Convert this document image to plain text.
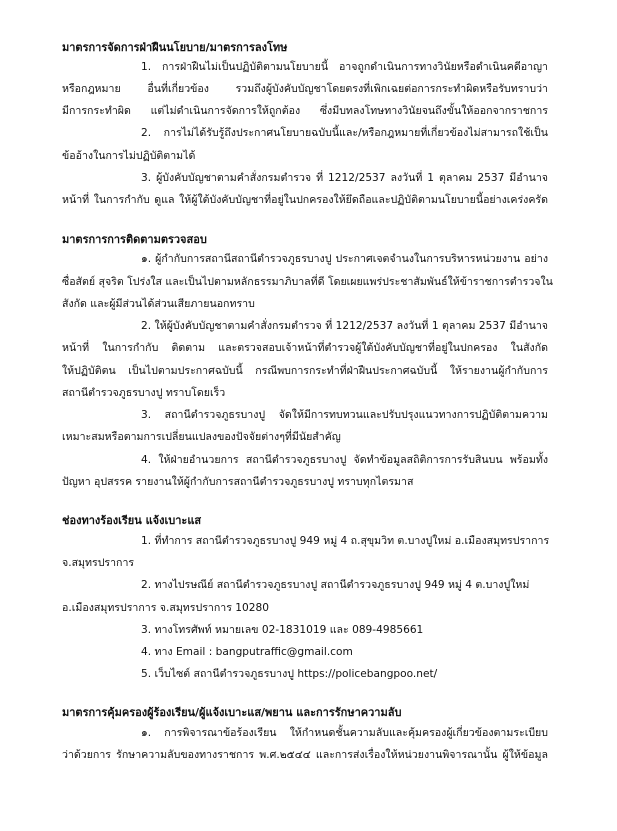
มาตรการจัดการฝ่าฝืนนโยบาย/มาตรการลงโทษ
1. การฝ่าฝืนไม่เป็นปฏิบัติตามนโยบายนี้ อาจถูกดำเนินการทางวินัยหรือดำเนินคดีอาญา
หรือกฎหมาย อื่นที่เกี่ยวข้อง รวมถึงผู้บังคับบัญชาโดยตรงที่เพิกเฉยต่อการกระทำผิดหรือรับทราบว่า
มีการกระทำผิด แต่ไม่ดำเนินการจัดการให้ถูกต้อง ซึ่งมีบทลงโทษทางวินัยจนถึงขั้นให้ออกจากราชการ
2. การไม่ได้รับรู้ถึงประกาศนโยบายฉบับนี้และ/หรือกฎหมายที่เกี่ยวข้องไม่สามารถใช้เป็น
ข้ออ้างในการไม่ปฏิบัติตามได้
3. ผู้บังคับบัญชาตามคำสั่งกรมตำรวจ ที่ 1212/2537 ลงวันที่ 1 ตุลาคม 2537 มีอำนาจ
หน้าที่ ในการกำกับ ดูแล ให้ผู้ใต้บังคับบัญชาที่อยู่ในปกครองให้ยึดถือและปฏิบัติตามนโยบายนี้อย่างเคร่งครัด
มาตรการการติดตามตรวจสอบ
๑. ผู้กำกับการสถานีสถานีตำรวจภูธรบางปู ประกาศเจตจำนงในการบริหารหน่วยงาน อย่าง
ซื่อสัตย์ สุจริต โปร่งใส และเป็นไปตามหลักธรรมาภิบาลที่ดี โดยเผยแพร่ประชาสัมพันธ์ให้ข้าราชการตำรวจใน
สังกัด และผู้มีส่วนได้ส่วนเสียภายนอกทราบ
2. ให้ผู้บังคับบัญชาตามคำสั่งกรมตำรวจ ที่ 1212/2537 ลงวันที่ 1 ตุลาคม 2537 มีอำนาจ
หน้าที่ ในการกำกับ ติดตาม และตรวจสอบเจ้าหน้าที่ตำรวจผู้ใต้บังคับบัญชาที่อยู่ในปกครอง ในสังกัด
ให้ปฏิบัติตน เป็นไปตามประกาศฉบับนี้ กรณีพบการกระทำที่ฝ่าฝืนประกาศฉบับนี้ ให้รายงานผู้กำกับการ
สถานีตำรวจภูธรบางปู ทราบโดยเร็ว
3. สถานีตำรวจภูธรบางปู จัดให้มีการทบทวนและปรับปรุงแนวทางการปฏิบัติตามความ
เหมาะสมหรือตามการเปลี่ยนแปลงของปัจจัยต่างๆที่มีนัยสำคัญ
4. ให้ฝ่ายอำนวยการ สถานีตำรวจภูธรบางปู จัดทำข้อมูลสถิติการการรับสินบน พร้อมทั้ง
ปัญหา อุปสรรค รายงานให้ผู้กำกับการสถานีตำรวจภูธรบางปู ทราบทุกไตรมาส
ช่องทางร้องเรียน แจ้งเบาะแส
1. ที่ทำการ สถานีตำรวจภูธรบางปู 949 หมู่ 4 ถ.สุขุมวิท ต.บางปูใหม่ อ.เมืองสมุทรปราการ
จ.สมุทรปราการ
2. ทางไปรษณีย์ สถานีตำรวจภูธรบางปู สถานีตำรวจภูธรบางปู 949 หมู่ 4 ต.บางปูใหม่
อ.เมืองสมุทรปราการ จ.สมุทรปราการ 10280
3. ทางโทรศัพท์ หมายเลข 02-1831019 และ 089-4985661
4. ทาง Email : bangputraffic@gmail.com
5. เว็บไซต์ สถานีตำรวจภูธรบางปู https://policebangpoo.net/
มาตรการคุ้มครองผู้ร้องเรียน/ผู้แจ้งเบาะแส/พยาน และการรักษาความลับ
๑. การพิจารณาข้อร้องเรียน ให้กำหนดชั้นความลับและคุ้มครองผู้เกี่ยวข้องตามระเบียบ
ว่าด้วยการ รักษาความลับของทางราชการ พ.ศ.๒๕๔๔ และการส่งเรื่องให้หน่วยงานพิจารณานั้น ผู้ให้ข้อมูล
